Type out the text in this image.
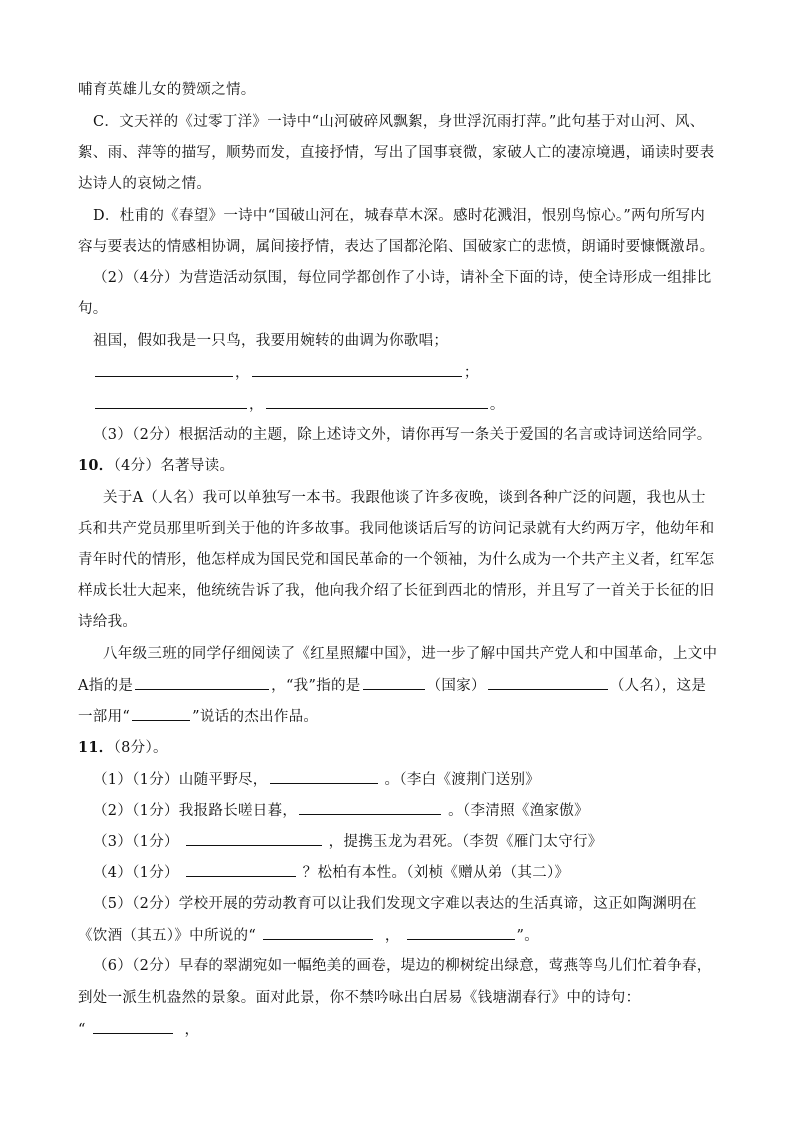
哺育英雄儿女的赞颂之情。
C．文天祥的《过零丁洋》一诗中“山河破碎风飘絮，身世浮沉雨打萍。”此句基于对山河、风、
絮、雨、萍等的描写，顺势而发，直接抒情，写出了国事衰微，家破人亡的凄凉境遇，诵读时要表
达诗人的哀恸之情。
D．杜甫的《春望》一诗中“国破山河在，城春草木深。感时花溅泪，恨别鸟惊心。”两句所写内
容与要表达的情感相协调，属间接抒情，表达了国都沦陷、国破家亡的悲愤，朗诵时要慷慨激昂。
（2）（4分）为营造活动氛围，每位同学都创作了小诗，请补全下面的诗，使全诗形成一组排比
句。
祖国，假如我是一只鸟，我要用婉转的曲调为你歌唱；
，	；
，	。
（3）（2分）根据活动的主题，除上述诗文外，请你再写一条关于爱国的名言或诗词送给同学。
10．（4分）名著导读。
关于A（人名）我可以单独写一本书。我跟他谈了许多夜晚，谈到各种广泛的问题，我也从士
兵和共产党员那里听到关于他的许多故事。我同他谈话后写的访问记录就有大约两万字，他幼年和
青年时代的情形，他怎样成为国民党和国民革命的一个领袖，为什么成为一个共产主义者，红军怎
样成长壮大起来，他统统告诉了我，他向我介绍了长征到西北的情形，并且写了一首关于长征的旧
诗给我。
八年级三班的同学仔细阅读了《红星照耀中国》，进一步了解中国共产党人和中国革命，上文中
A指的是	，“我”指的是	（国家）	（人名），这是
一部用“	”说话的杰出作品。
11．（8分）。
（1）（1分）山随平野尽，	。（李白《渡荆门送别》
（2）（1分）我报路长嗟日暮，	。（李清照《渔家傲》
（3）（1分）	，提携玉龙为君死。（李贺《雁门太守行》
（4）（1分）	？松柏有本性。（刘桢《赠从弟（其二）》
（5）（2分）学校开展的劳动教育可以让我们发现文字难以表达的生活真谛，这正如陶渊明在
《饮酒（其五）》中所说的“	，	”。
（6）（2分）早春的翠湖宛如一幅绝美的画卷，堤边的柳树绽出绿意，莺燕等鸟儿们忙着争春，
到处一派生机盎然的景象。面对此景，你不禁吟咏出白居易《钱塘湖春行》中的诗句：
“	，
